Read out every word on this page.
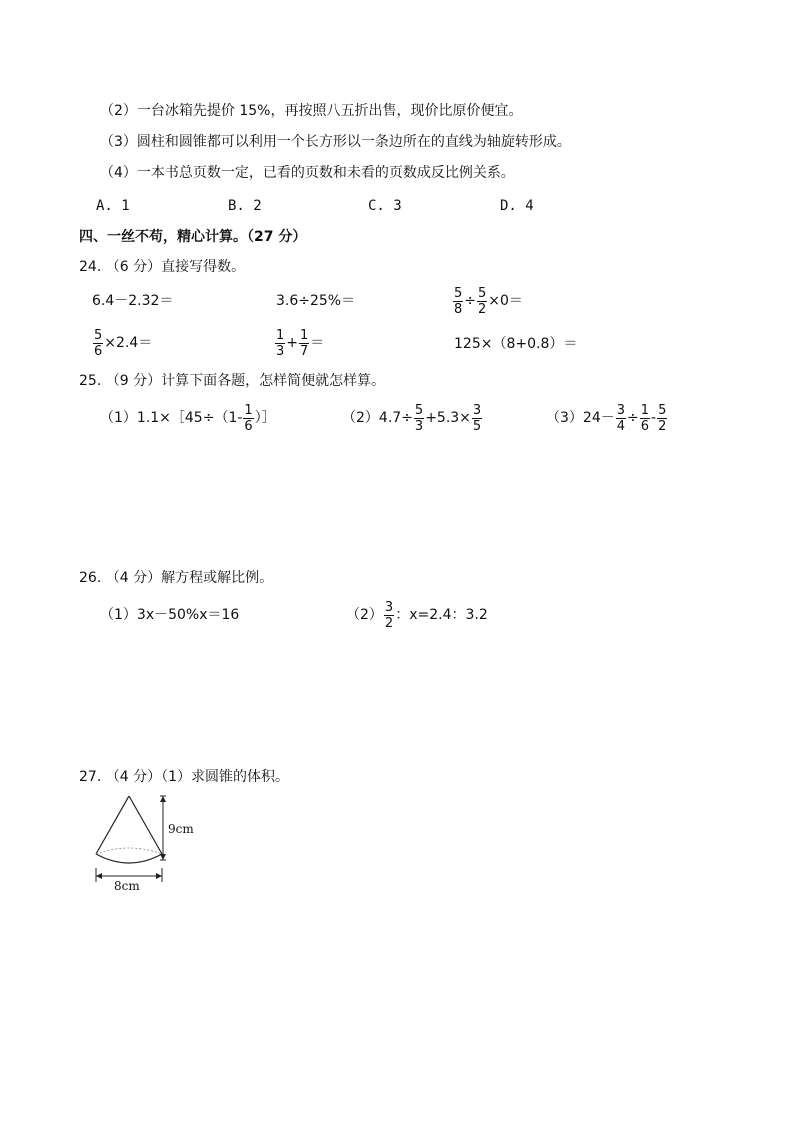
（2）一台冰箱先提价 15%，再按照八五折出售，现价比原价便宜。
（3）圆柱和圆锥都可以利用一个长方形以一条边所在的直线为轴旋转形成。
（4）一本书总页数一定，已看的页数和未看的页数成反比例关系。
A. 1	B. 2	C. 3	D. 4
四、一丝不苟，精心计算。（27 分）
24. （6 分）直接写得数。
6.4－2.32＝	3.6÷25%＝	$\frac{5}{8} \div \frac{5}{2} \times 0=$
$\frac{5}{6} \times 2.4=$	$\frac{1}{3} + \frac{1}{7}$ ＝	125×（8+0.8）＝
25. （9 分）计算下面各题，怎样简便就怎样算。
（1）1.1×［45÷（1- $\frac{1}{6}$ ）］	$(2)4.7\div \frac{5}{3} +5.3\times \frac{3}{5}$	$(3)24- \frac{3}{4} \div \frac{1}{6} - \frac{5}{2}$
26. （4 分）解方程或解比例。
（1）3x－50%x＝16	$(2) \frac{3}{2}$ ：x=2.4：3.2
27. （4 分）（1）求圆锥的体积。
9cm
8cm
